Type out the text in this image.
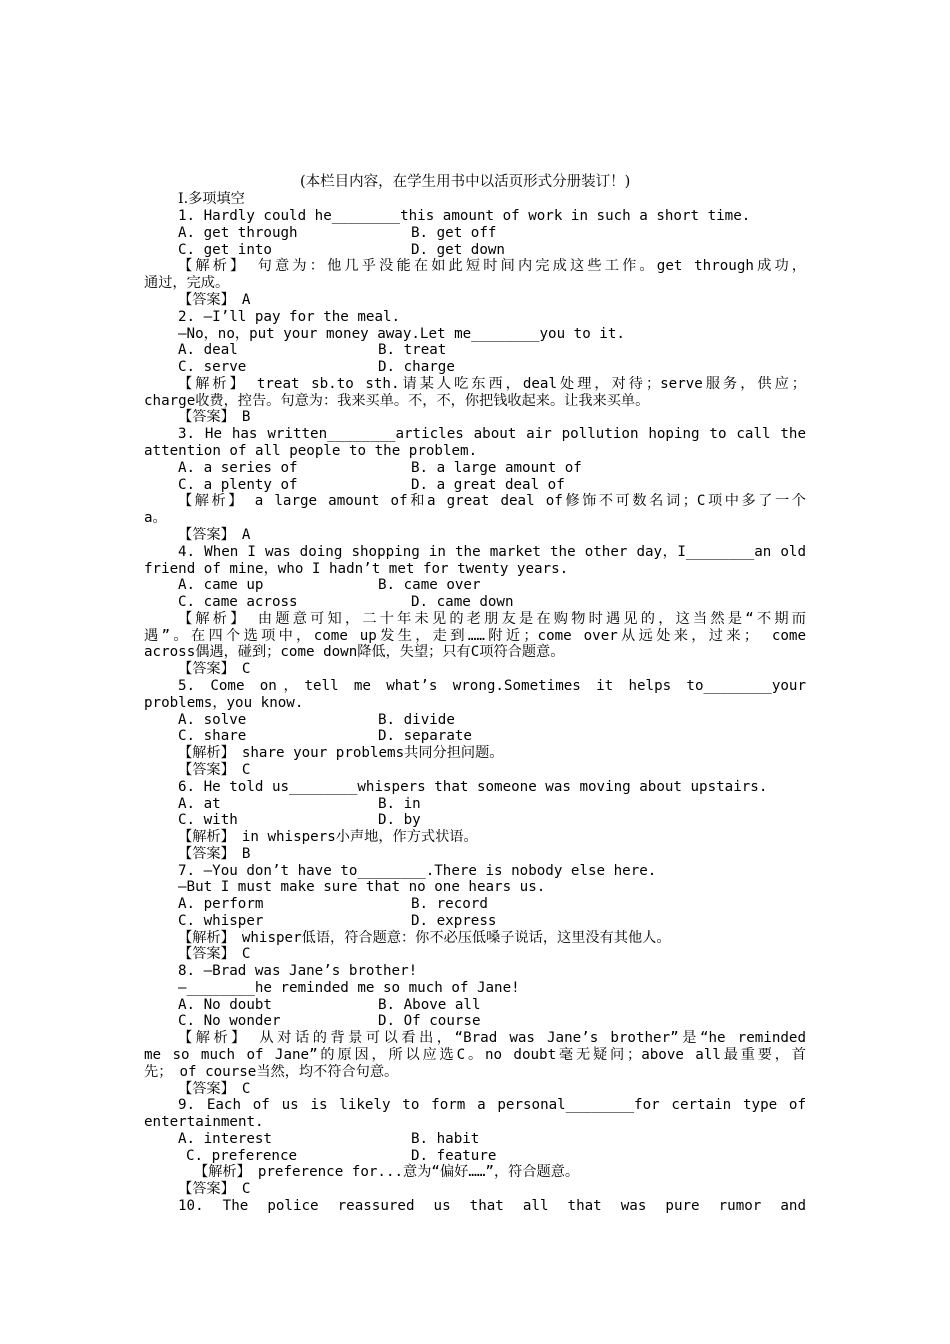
(本栏目内容，在学生用书中以活页形式分册装订！)
Ⅰ.多项填空
1. Hardly could he________this amount of work in such a short time.
A. get through	B. get off
C. get into	D. get down
【解析】　句意为：他几乎没能在如此短时间内完成这些工作。get through成功，
通过，完成。
【答案】　A
2. —I’ll pay for the meal.
—No，no，put your money away.Let me________you to it.
A. deal	B. treat
C. serve	D. charge
【解析】　treat sb.to sth.请某人吃东西，deal处理，对待；serve服务，供应；
charge收费，控告。句意为：我来买单。不，不，你把钱收起来。让我来买单。
【答案】　B
3. He has written________articles about air pollution hoping to call the
attention of all people to the problem.
A. a series of	B. a large amount of
C. a plenty of	D. a great deal of
【解析】　a large amount of和a great deal of修饰不可数名词；C项中多了一个
a。
【答案】　A
4. When I was doing shopping in the market the other day，I________an old
friend of mine，who I hadn’t met for twenty years.
A. came up	B. came over
C. came across	D. came down
【解析】　由题意可知，二十年未见的老朋友是在购物时遇见的，这当然是“不期而
遇”。在四个选项中，come up发生，走到……附近；come over从远处来，过来；　come
across偶遇，碰到；come down降低，失望；只有C项符合题意。
【答案】　C
5. Come on，tell me what’s wrong.Sometimes it helps to________your
problems，you know.
A. solve	B. divide
C. share	D. separate
【解析】　share your problems共同分担问题。
【答案】　C
6. He told us________whispers that someone was moving about upstairs.
A. at	B. in
C. with	D. by
【解析】　in whispers小声地，作方式状语。
【答案】　B
7. —You don’t have to________.There is nobody else here.
—But I must make sure that no one hears us.
A. perform	B. record
C. whisper	D. express
【解析】　whisper低语，符合题意：你不必压低嗓子说话，这里没有其他人。
【答案】　C
8. —Brad was Jane’s brother!
—________he reminded me so much of Jane!
A. No doubt	B. Above all
C. No wonder	D. Of course
【解析】　从对话的背景可以看出，“Brad was Jane’s brother”是“he reminded
me so much of Jane”的原因，所以应选C。no doubt毫无疑问；above all最重要，首
先；　of course当然，均不符合句意。
【答案】　C
9. Each of us is likely to form a personal________for certain type of
entertainment.
A. interest	B. habit
C. preference	D. feature
【解析】　preference for...意为“偏好……”，符合题意。
【答案】　C
10. The police reassured us that all that was pure rumor and
